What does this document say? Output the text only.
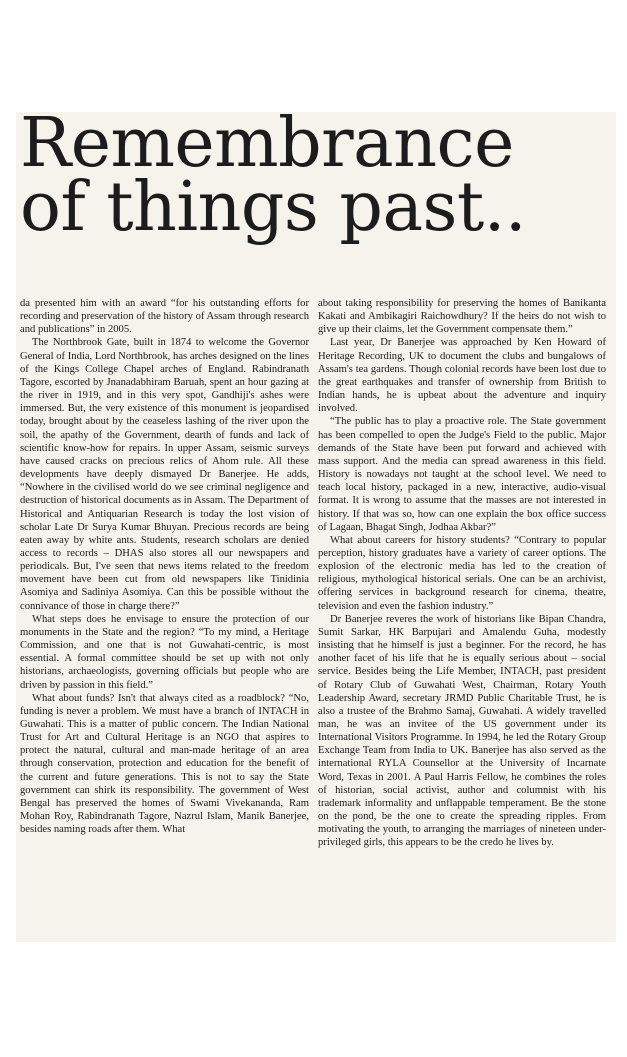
Remembrance
of things past..

da presented him with an award “for his outstanding efforts for recording and preservation of the history of Assam through research and publications” in 2005.

The Northbrook Gate, built in 1874 to welcome the Governor General of India, Lord Northbrook, has arches designed on the lines of the Kings College Chapel arches of England. Rabindranath Tagore, escorted by Jnanadabhiram Baruah, spent an hour gazing at the river in 1919, and in this very spot, Gandhiji's ashes were immersed. But, the very existence of this monument is jeopardised today, brought about by the ceaseless lashing of the river upon the soil, the apathy of the Government, dearth of funds and lack of scientific know-how for repairs. In upper Assam, seismic surveys have caused cracks on precious relics of Ahom rule. All these developments have deeply dismayed Dr Banerjee. He adds, “Nowhere in the civilised world do we see criminal negligence and destruction of historical documents as in Assam. The Department of Historical and Antiquarian Research is today the lost vision of scholar Late Dr Surya Kumar Bhuyan. Precious records are being eaten away by white ants. Students, research scholars are denied access to records – DHAS also stores all our newspapers and periodicals. But, I've seen that news items related to the freedom movement have been cut from old newspapers like Tinidinia Asomiya and Sadiniya Asomiya. Can this be possible without the connivance of those in charge there?”

What steps does he envisage to ensure the protection of our monuments in the State and the region? “To my mind, a Heritage Commission, and one that is not Guwahati-centric, is most essential. A formal committee should be set up with not only historians, archaeologists, governing officials but people who are driven by passion in this field.”

What about funds? Isn't that always cited as a roadblock? “No, funding is never a problem. We must have a branch of INTACH in Guwahati. This is a matter of public concern. The Indian National Trust for Art and Cultural Heritage is an NGO that aspires to protect the natural, cultural and man-made heritage of an area through conservation, protection and education for the benefit of the current and future generations. This is not to say the State government can shirk its responsibility. The government of West Bengal has preserved the homes of Swami Vivekananda, Ram Mohan Roy, Rabindranath Tagore, Nazrul Islam, Manik Banerjee, besides naming roads after them. What

about taking responsibility for preserving the homes of Banikanta Kakati and Ambikagiri Raichowdhury? If the heirs do not wish to give up their claims, let the Government compensate them.”

Last year, Dr Banerjee was approached by Ken Howard of Heritage Recording, UK to document the clubs and bungalows of Assam's tea gardens. Though colonial records have been lost due to the great earthquakes and transfer of ownership from British to Indian hands, he is upbeat about the adventure and inquiry involved.

“The public has to play a proactive role. The State government has been compelled to open the Judge's Field to the public. Major demands of the State have been put forward and achieved with mass support. And the media can spread awareness in this field. History is nowadays not taught at the school level. We need to teach local history, packaged in a new, interactive, audio-visual format. It is wrong to assume that the masses are not interested in history. If that was so, how can one explain the box office success of Lagaan, Bhagat Singh, Jodhaa Akbar?”

What about careers for history students? “Contrary to popular perception, history graduates have a variety of career options. The explosion of the electronic media has led to the creation of religious, mythological historical serials. One can be an archivist, offering services in background research for cinema, theatre, television and even the fashion industry.”

Dr Banerjee reveres the work of historians like Bipan Chandra, Sumit Sarkar, HK Barpujari and Amalendu Guha, modestly insisting that he himself is just a beginner. For the record, he has another facet of his life that he is equally serious about – social service. Besides being the Life Member, INTACH, past president of Rotary Club of Guwahati West, Chairman, Rotary Youth Leadership Award, secretary JRMD Public Charitable Trust, he is also a trustee of the Brahmo Samaj, Guwahati. A widely travelled man, he was an invitee of the US government under its International Visitors Programme. In 1994, he led the Rotary Group Exchange Team from India to UK. Banerjee has also served as the international RYLA Counsellor at the University of Incarnate Word, Texas in 2001. A Paul Harris Fellow, he combines the roles of historian, social activist, author and columnist with his trademark informality and unflappable temperament. Be the stone on the pond, be the one to create the spreading ripples. From motivating the youth, to arranging the marriages of nineteen under-privileged girls, this appears to be the credo he lives by.
